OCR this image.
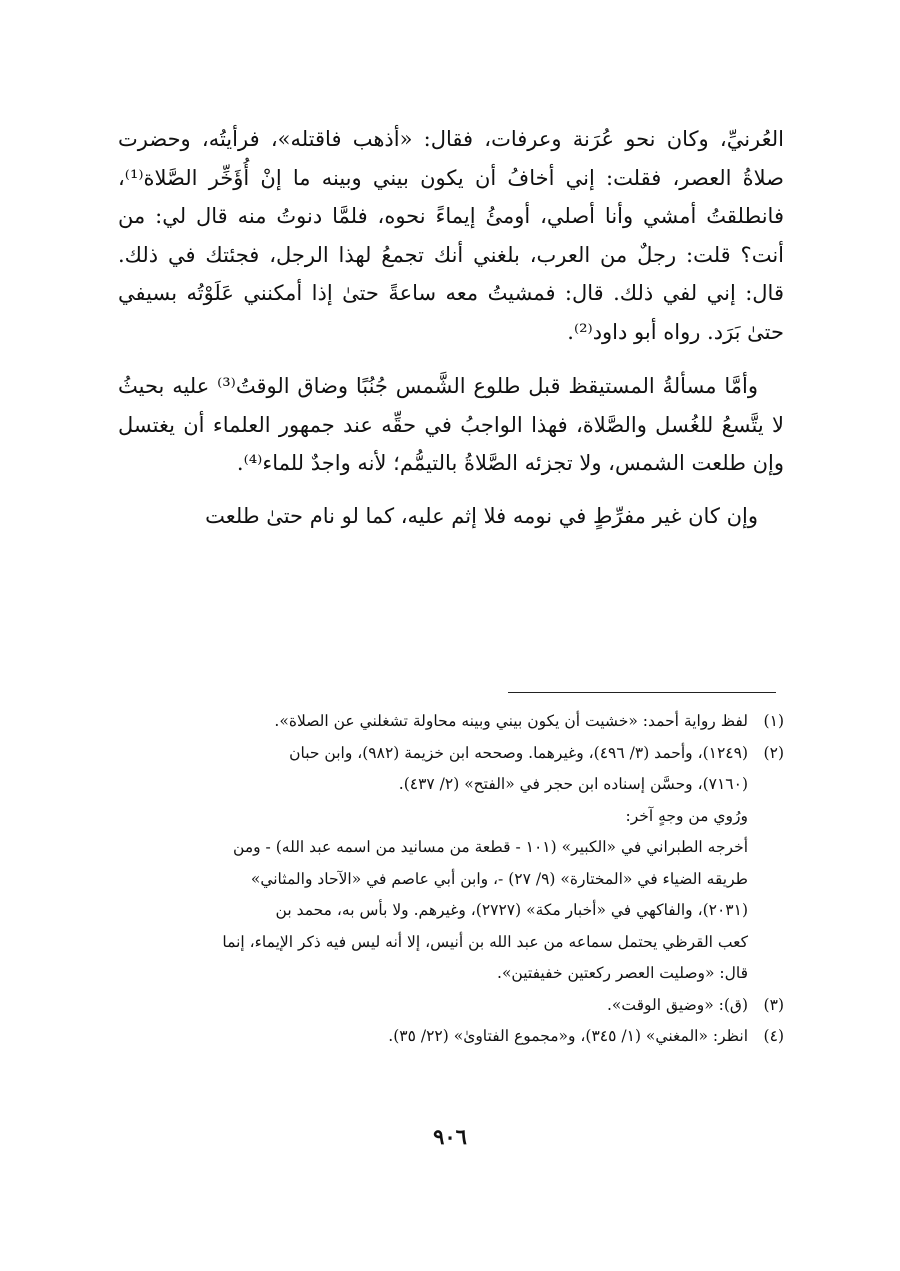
العُرنيِّ، وكان نحو عُرَنة وعرفات، فقال: «أذهب فاقتله»، فرأيتُه، وحضرت صلاةُ العصر، فقلت: إني أخافُ أن يكون بيني وبينه ما إنْ أُؤَخِّر الصَّلاة⁽¹⁾، فانطلقتُ أمشي وأنا أصلي، أومئُ إيماءً نحوه، فلمَّا دنوتُ منه قال لي: من أنت؟ قلت: رجلٌ من العرب، بلغني أنك تجمعُ لهذا الرجل، فجئتك في ذلك. قال: إني لفي ذلك. قال: فمشيتُ معه ساعةً حتىٰ إذا أمكنني عَلَوْتُه بسيفي حتىٰ بَرَد. رواه أبو داود⁽²⁾.

وأمَّا مسألةُ المستيقظ قبل طلوع الشَّمس جُنُبًا وضاق الوقتُ⁽³⁾ عليه بحيثُ لا يتَّسعُ للغُسل والصَّلاة، فهذا الواجبُ في حقِّه عند جمهور العلماء أن يغتسل وإن طلعت الشمس، ولا تجزئه الصَّلاةُ بالتيمُّم؛ لأنه واجدٌ للماء⁽⁴⁾.

وإن كان غير مفرِّطٍ في نومه فلا إثم عليه، كما لو نام حتىٰ طلعت

(١)
لفظ رواية أحمد: «خشيت أن يكون بيني وبينه محاولة تشغلني عن الصلاة».

(٢)
(١٢٤٩)، وأحمد (٣/ ٤٩٦)، وغيرهما. وصححه ابن خزيمة (٩٨٢)، وابن حبان
(٧١٦٠)، وحسَّن إسناده ابن حجر في «الفتح» (٢/ ٤٣٧).
ورُوي من وجهٍ آخر:
أخرجه الطبراني في «الكبير» (١٠١ - قطعة من مسانيد من اسمه عبد الله) - ومن
طريقه الضياء في «المختارة» (٩/ ٢٧) -، وابن أبي عاصم في «الآحاد والمثاني»
(٢٠٣١)، والفاكهي في «أخبار مكة» (٢٧٢٧)، وغيرهم. ولا بأس به، محمد بن
كعب القرظي يحتمل سماعه من عبد الله بن أنيس، إلا أنه ليس فيه ذكر الإيماء، إنما
قال: «وصليت العصر ركعتين خفيفتين».

(٣)
(ق): «وضيق الوقت».

(٤)
انظر: «المغني» (١/ ٣٤٥)، و«مجموع الفتاوىٰ» (٢٢/ ٣٥).

٩٠٦
